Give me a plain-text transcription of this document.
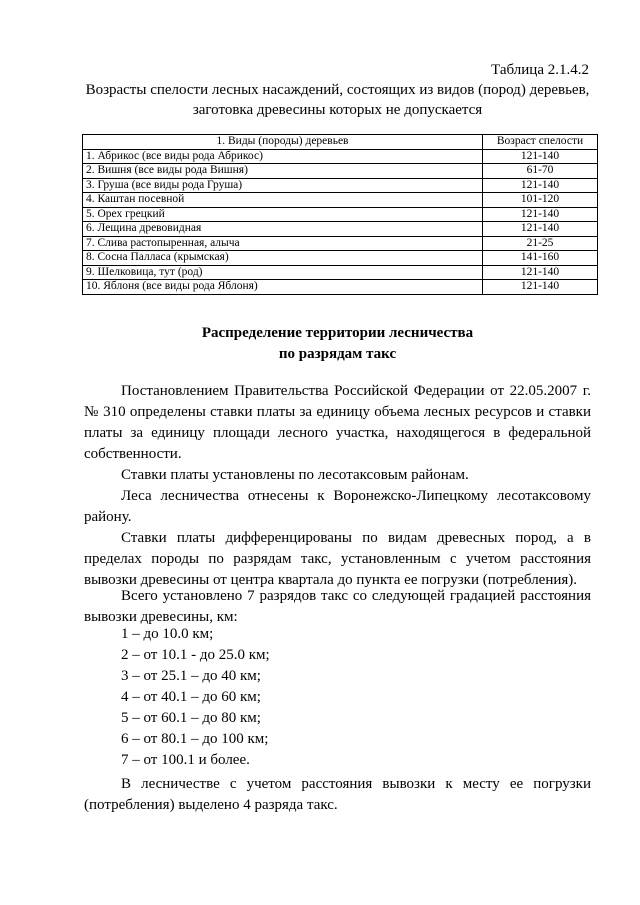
Таблица 2.1.4.2
Возрасты спелости лесных насаждений, состоящих из видов (пород) деревьев,
заготовка древесины которых не допускается
1. Виды (породы) деревьев	Возраст спелости
1. Абрикос (все виды рода Абрикос)	121-140
2. Вишня (все виды рода Вишня)	61-70
3. Груша (все виды рода Груша)	121-140
4. Каштан посевной	101-120
5. Орех грецкий	121-140
6. Лещина древовидная	121-140
7. Слива растопыренная, алыча	21-25
8. Сосна Палласа (крымская)	141-160
9. Шелковица, тут (род)	121-140
10. Яблоня (все виды рода Яблоня)	121-140
Распределение территории лесничества
по разрядам такс

Постановлением Правительства Российской Федерации от 22.05.2007 г. № 310 определены ставки платы за единицу объема лесных ресурсов и ставки платы за единицу площади лесного участка, находящегося в федеральной собственности.

Ставки платы установлены по лесотаксовым районам.

Леса лесничества отнесены к Воронежско-Липецкому лесотаксовому району.

Ставки платы дифференцированы по видам древесных пород, а в пределах породы по разрядам такс, установленным с учетом расстояния вывозки древесины от центра квартала до пункта ее погрузки (потребления).

Всего установлено 7 разрядов такс со следующей градацией расстояния вывозки древесины, км:

1 – до 10.0 км;
2 – от 10.1 - до 25.0 км;
3 – от 25.1 – до 40 км;
4 – от 40.1 – до 60 км;
5 – от 60.1 – до 80 км;
6 – от 80.1 – до 100 км;
7 – от 100.1 и более.

В лесничестве с учетом расстояния вывозки к месту ее погрузки (потребления) выделено 4 разряда такс.
